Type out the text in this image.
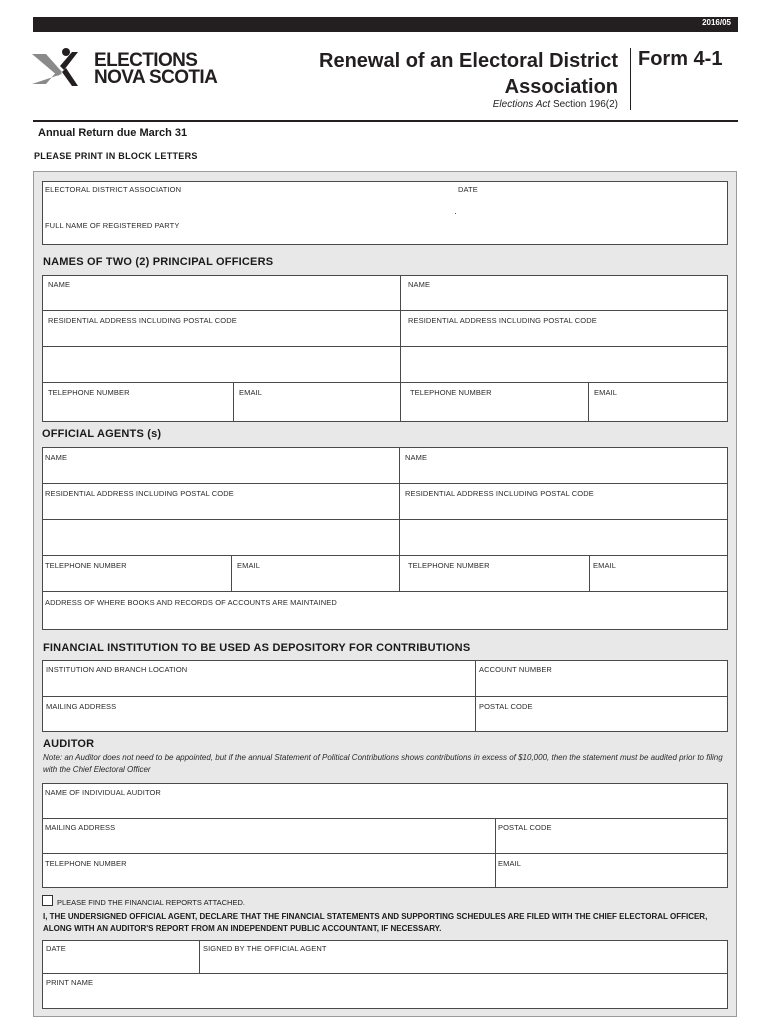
2016/05
ELECTIONS
NOVA SCOTIA
Renewal of an Electoral District
Association
Elections Act Section 196(2)
Form 4-1
Annual Return due March 31
PLEASE PRINT IN BLOCK LETTERS
ELECTORAL DISTRICT ASSOCIATION	DATE
FULL NAME OF REGISTERED PARTY
NAMES OF TWO (2) PRINCIPAL OFFICERS
NAME	NAME
RESIDENTIAL ADDRESS INCLUDING POSTAL CODE	RESIDENTIAL ADDRESS INCLUDING POSTAL CODE
TELEPHONE NUMBER	EMAIL	TELEPHONE NUMBER	EMAIL
OFFICIAL AGENTS (s)
NAME	NAME
RESIDENTIAL ADDRESS INCLUDING POSTAL CODE	RESIDENTIAL ADDRESS INCLUDING POSTAL CODE
TELEPHONE NUMBER	EMAIL	TELEPHONE NUMBER	EMAIL
ADDRESS OF WHERE BOOKS AND RECORDS OF ACCOUNTS ARE MAINTAINED
FINANCIAL INSTITUTION TO BE USED AS DEPOSITORY FOR CONTRIBUTIONS
INSTITUTION AND BRANCH LOCATION	ACCOUNT NUMBER
MAILING ADDRESS	POSTAL CODE
AUDITOR
Note: an Auditor does not need to be appointed, but if the annual Statement of Political Contributions shows contributions in excess of $10,000, then the statement must be audited prior to filing with the Chief Electoral Officer
NAME OF INDIVIDUAL AUDITOR
MAILING ADDRESS	POSTAL CODE
TELEPHONE NUMBER	EMAIL
PLEASE FIND THE FINANCIAL REPORTS ATTACHED.
I, THE UNDERSIGNED OFFICIAL AGENT, DECLARE THAT THE FINANCIAL STATEMENTS AND SUPPORTING SCHEDULES ARE FILED WITH THE CHIEF ELECTORAL OFFICER, ALONG WITH AN AUDITOR'S REPORT FROM AN INDEPENDENT PUBLIC ACCOUNTANT, IF NECESSARY.
DATE	SIGNED BY THE OFFICIAL AGENT
PRINT NAME
